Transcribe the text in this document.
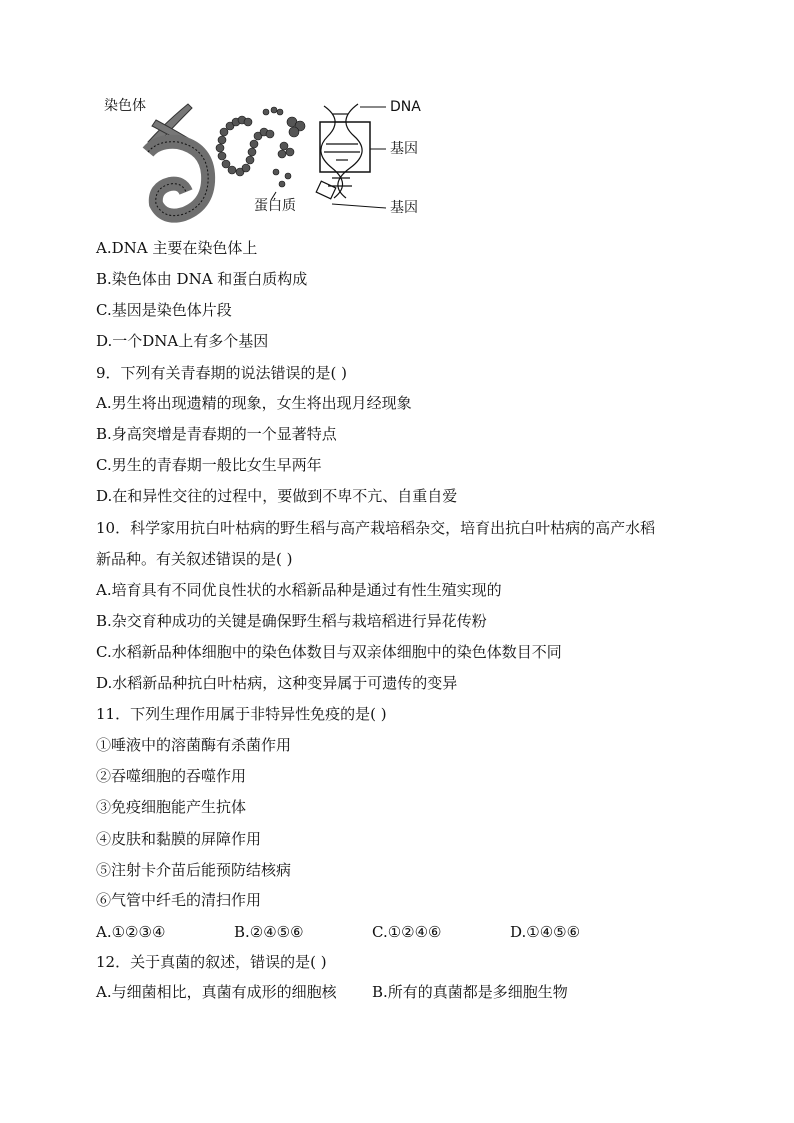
染色体	DNA
基因
蛋白质	基因
A.DNA 主要在染色体上
B.染色体由 DNA 和蛋白质构成
C.基因是染色体片段
D.一个DNA上有多个基因
9．下列有关青春期的说法错误的是( )
A.男生将出现遗精的现象，女生将出现月经现象
B.身高突增是青春期的一个显著特点
C.男生的青春期一般比女生早两年
D.在和异性交往的过程中，要做到不卑不亢、自重自爱
10．科学家用抗白叶枯病的野生稻与高产栽培稻杂交，培育出抗白叶枯病的高产水稻
新品种。有关叙述错误的是( )
A.培育具有不同优良性状的水稻新品种是通过有性生殖实现的
B.杂交育种成功的关键是确保野生稻与栽培稻进行异花传粉
C.水稻新品种体细胞中的染色体数目与双亲体细胞中的染色体数目不同
D.水稻新品种抗白叶枯病，这种变异属于可遗传的变异
11．下列生理作用属于非特异性免疫的是( )
①唾液中的溶菌酶有杀菌作用
②吞噬细胞的吞噬作用
③免疫细胞能产生抗体
④皮肤和黏膜的屏障作用
⑤注射卡介苗后能预防结核病
⑥气管中纤毛的清扫作用
A.①②③④	B.②④⑤⑥	C.①②④⑥	D.①④⑤⑥
12．关于真菌的叙述，错误的是( )
A.与细菌相比，真菌有成形的细胞核 B.所有的真菌都是多细胞生物
